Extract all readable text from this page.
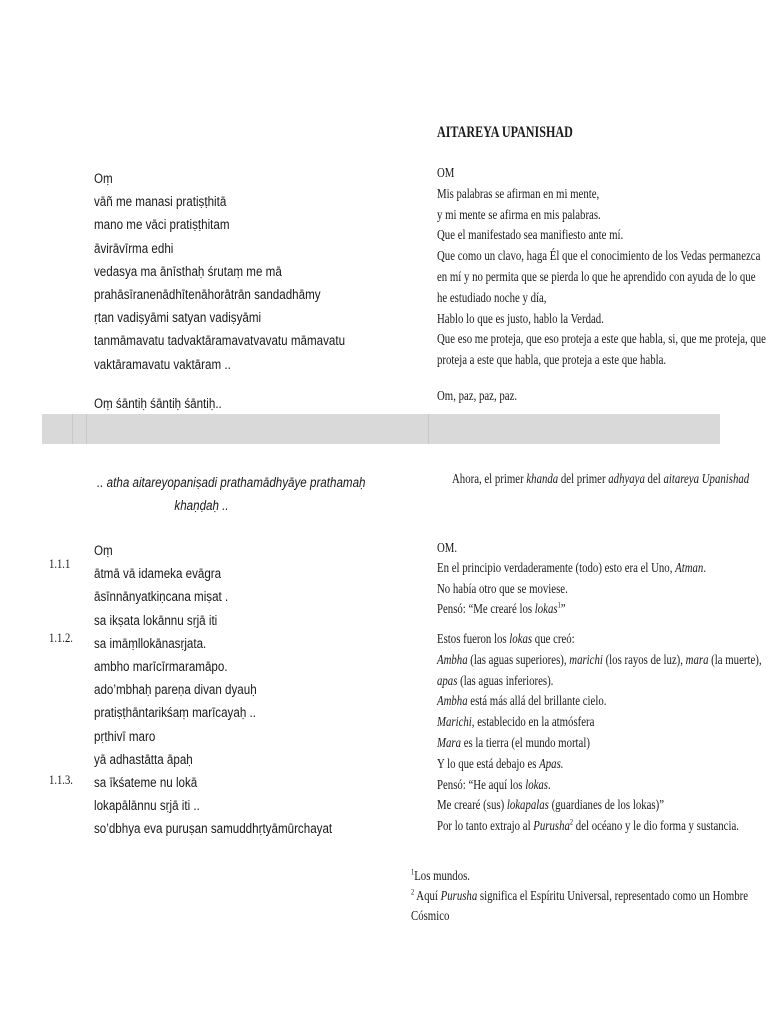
AITAREYA UPANISHAD
Oṃ
vāñ me manasi pratiṣṭhitā
mano me vāci pratiṣṭhitam
āvirāvīrma edhi
vedasya ma ānīsthaḥ śrutaṃ me mā
prahāsīranenādhītenāhorātrān sandadhāmy
ṛtan vadiṣyāmi satyan vadiṣyāmi
tanmāmavatu tadvaktāramavatvavatu māmavatu
vaktāramavatu vaktāram ..
Oṃ śāntiḥ śāntiḥ śāntiḥ..
OM
Mis palabras se afirman en mi mente,
y mi mente se afirma en mis palabras.
Que el manifestado sea manifiesto ante mí.
Que como un clavo, haga Él que el conocimiento de los Vedas permanezca
en mí y no permita que se pierda lo que he aprendido con ayuda de lo que
he estudiado noche y día,
Hablo lo que es justo, hablo la Verdad.
Que eso me proteja, que eso proteja a este que habla, si, que me proteja, que
proteja a este que habla, que proteja a este que habla.
Om, paz, paz, paz.
.. atha aitareyopaniṣadi prathamādhyāye prathamaḥ
khaṇḍaḥ ..
Ahora, el primer khanda del primer adhyaya del aitareya Upanishad
1.1.1
1.1.2.
1.1.3.
Oṃ
ātmā vā idameka evāgra
āsīnnānyatkiṇcana miṣat .
sa ikṣata lokānnu sṛjā iti
sa imāṃllokānasṛjata.
ambho marīcīrmaramāpo.
ado’mbhaḥ pareṇa divan dyauḥ
pratiṣṭhāntarikśaṃ marīcayaḥ ..
pṛthivī maro
yā adhastātta āpaḥ
sa īkśatemе nu lokā
lokapālānnu sṛjā iti ..
so’dbhya eva puruṣan samuddhṛtyāmūrchayat
OM.
En el principio verdaderamente (todo) esto era el Uno, Atman.
No había otro que se moviese.
Pensó: “Me crearé los lokas$^1$”
Estos fueron los lokas que creó:
Ambha (las aguas superiores), marichi (los rayos de luz), mara (la muerte),
apas (las aguas inferiores).
Ambha está más allá del brillante cielo.
Marichi, establecido en la atmósfera
Mara es la tierra (el mundo mortal)
Y lo que está debajo es Apas.
Pensó: “He aquí los lokas.
Me crearé (sus) lokapalas (guardianes de los lokas)”
Por lo tanto extrajo al Purusha$^2$ del océano y le dio forma y sustancia.
$^1$Los mundos.
$^2$ Aquí Purusha significa el Espíritu Universal, representado como un Hombre
Cósmico
